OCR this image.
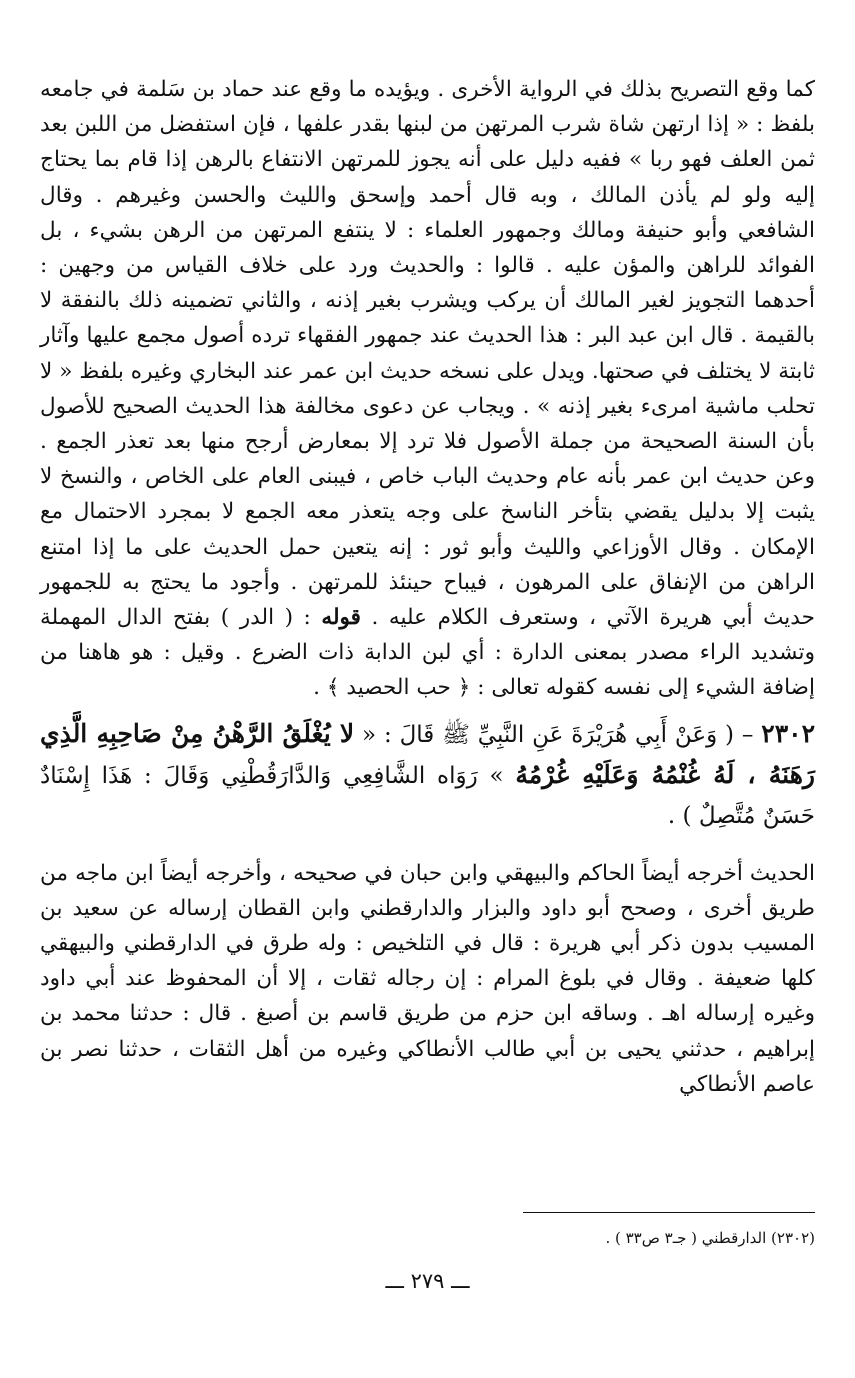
كما وقع التصريح بذلك في الرواية الأخرى . ويؤيده ما وقع عند حماد بن سَلمة في جامعه بلفظ : « إذا ارتهن شاة شرب المرتهن من لبنها بقدر علفها ، فإن استفضل من اللبن بعد ثمن العلف فهو ربا » ففيه دليل على أنه يجوز للمرتهن الانتفاع بالرهن إذا قام بما يحتاج إليه ولو لم يأذن المالك ، وبه قال أحمد وإسحق والليث والحسن وغيرهم . وقال الشافعي وأبو حنيفة ومالك وجمهور العلماء : لا ينتفع المرتهن من الرهن بشيء ، بل الفوائد للراهن والمؤن عليه . قالوا : والحديث ورد على خلاف القياس من وجهين : أحدهما التجويز لغير المالك أن يركب ويشرب بغير إذنه ، والثاني تضمينه ذلك بالنفقة لا بالقيمة . قال ابن عبد البر : هذا الحديث عند جمهور الفقهاء ترده أصول مجمع عليها وآثار ثابتة لا يختلف في صحتها. ويدل على نسخه حديث ابن عمر عند البخاري وغيره بلفظ « لا تحلب ماشية امرىء بغير إذنه » . ويجاب عن دعوى مخالفة هذا الحديث الصحيح للأصول بأن السنة الصحيحة من جملة الأصول فلا ترد إلا بمعارض أرجح منها بعد تعذر الجمع . وعن حديث ابن عمر بأنه عام وحديث الباب خاص ، فيبنى العام على الخاص ، والنسخ لا يثبت إلا بدليل يقضي بتأخر الناسخ على وجه يتعذر معه الجمع لا بمجرد الاحتمال مع الإمكان . وقال الأوزاعي والليث وأبو ثور : إنه يتعين حمل الحديث على ما إذا امتنع الراهن من الإنفاق على المرهون ، فيباح حينئذ للمرتهن . وأجود ما يحتج به للجمهور حديث أبي هريرة الآتي ، وستعرف الكلام عليه . قوله : ( الدر ) بفتح الدال المهملة وتشديد الراء مصدر بمعنى الدارة : أي لبن الدابة ذات الضرع . وقيل : هو هاهنا من إضافة الشيء إلى نفسه كقوله تعالى : ﴿ حب الحصيد ﴾ .

٢٣٠٢ – ( وَعَنْ أَبِي هُرَيْرَةَ عَنِ النَّبِيِّ ﷺ قَالَ : « لا يُغْلَقُ الرَّهْنُ مِنْ صَاحِبِهِ الَّذِي رَهَنَهُ ، لَهُ غُنْمُهُ وَعَلَيْهِ غُرْمُهُ » رَوَاه الشَّافِعِي وَالدَّارَقُطْنِي وَقَالَ : هَذَا إِسْنَادٌ حَسَنٌ مُتَّصِلٌ ) .

الحديث أخرجه أيضاً الحاكم والبيهقي وابن حبان في صحيحه ، وأخرجه أيضاً ابن ماجه من طريق أخرى ، وصحح أبو داود والبزار والدارقطني وابن القطان إرساله عن سعيد بن المسيب بدون ذكر أبي هريرة : قال في التلخيص : وله طرق في الدارقطني والبيهقي كلها ضعيفة . وقال في بلوغ المرام : إن رجاله ثقات ، إلا أن المحفوظ عند أبي داود وغيره إرساله اهـ . وساقه ابن حزم من طريق قاسم بن أصبغ . قال : حدثنا محمد بن إبراهيم ، حدثني يحيى بن أبي طالب الأنطاكي وغيره من أهل الثقات ، حدثنا نصر بن عاصم الأنطاكي

(٢٣٠٢) الدارقطني ( جـ٣ ص٣٣ ) .
ـــ ٢٧٩ ـــ
